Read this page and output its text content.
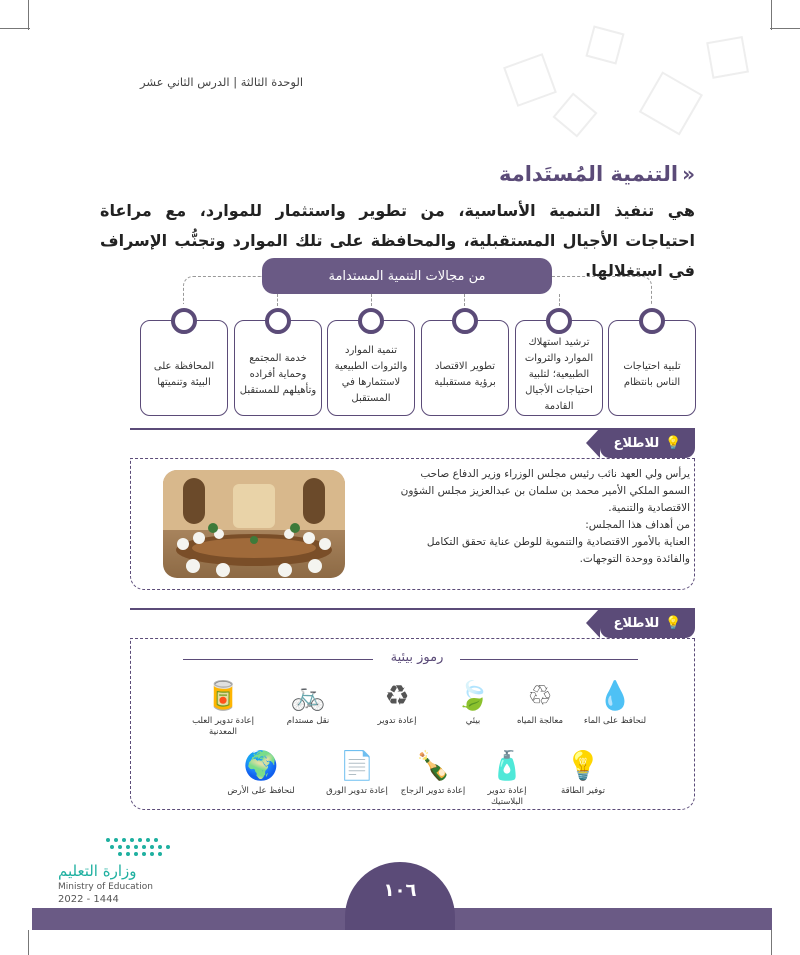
الوحدة الثالثة | الدرس الثاني عشر
«
التنمية المُستَدامة

هي تنفيذ التنمية الأساسية، من تطوير واستثمار للموارد، مع مراعاة احتياجات الأجيال المستقبلية، والمحافظة على تلك الموارد وتجنُّب الإسراف في استغلالها.

من مجالات التنمية المستدامة
تلبية احتياجات الناس بانتظام
ترشيد استهلاك الموارد والثروات الطبيعية؛ لتلبية احتياجات الأجيال القادمة
تطوير الاقتصاد برؤية مستقبلية
تنمية الموارد والثروات الطبيعية لاستثمارها في المستقبل
خدمة المجتمع وحماية أفراده وتأهيلهم للمستقبل
المحافظة على البيئة وتنميتها
💡
للاطلاع
يرأس ولي العهد نائب رئيس مجلس الوزراء وزير الدفاع صاحب
السمو الملكي الأمير محمد بن سلمان بن عبدالعزيز مجلس الشؤون
الاقتصادية والتنمية.
من أهداف هذا المجلس:
العناية بالأمور الاقتصادية والتنموية للوطن عناية تحقق التكامل
والفائدة ووحدة التوجهات.
💡
للاطلاع
رموز بيئية
💧
لنحافظ على الماء
♲
معالجة المياه
🍃
بيئي
♻
إعادة تدوير
🚲
نقل مستدام
🥫
إعادة تدوير العلب المعدنية
💡
توفير الطاقة
🧴
إعادة تدوير البلاستيك
🍾
إعادة تدوير الزجاج
📄
إعادة تدوير الورق
🌍
لنحافظ على الأرض
وزارة التعليم
Ministry of Education
2022 - 1444	١٠٦
